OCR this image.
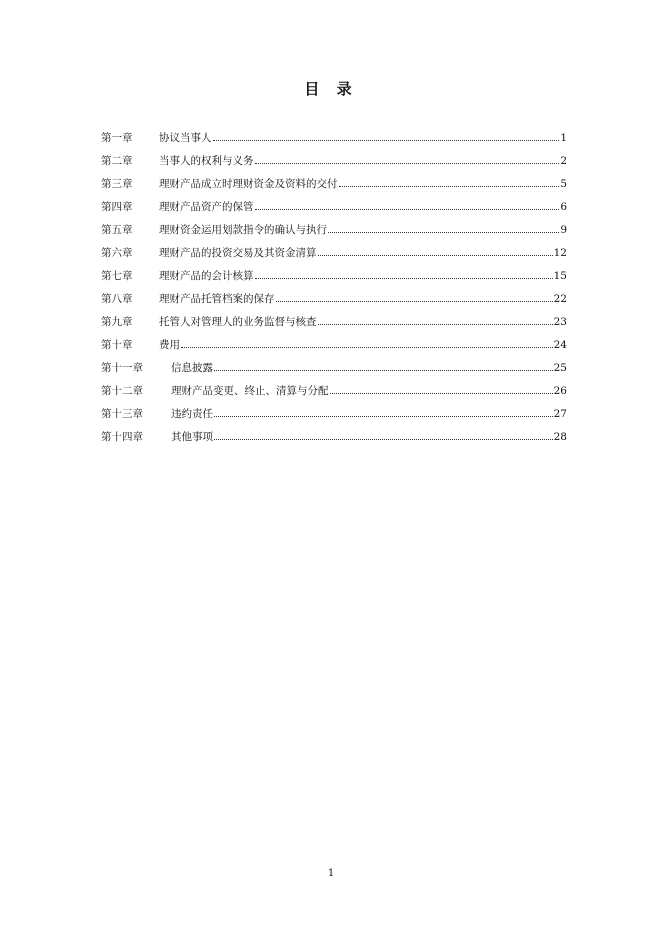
目 录
第一章	协议当事人	1
第二章	当事人的权利与义务	2
第三章	理财产品成立时理财资金及资料的交付	5
第四章	理财产品资产的保管	6
第五章	理财资金运用划款指令的确认与执行	9
第六章	理财产品的投资交易及其资金清算	12
第七章	理财产品的会计核算	15
第八章	理财产品托管档案的保存	22
第九章	托管人对管理人的业务监督与核查	23
第十章	费用	24
第十一章	信息披露	25
第十二章	理财产品变更、终止、清算与分配	26
第十三章	违约责任	27
第十四章	其他事项	28
1
